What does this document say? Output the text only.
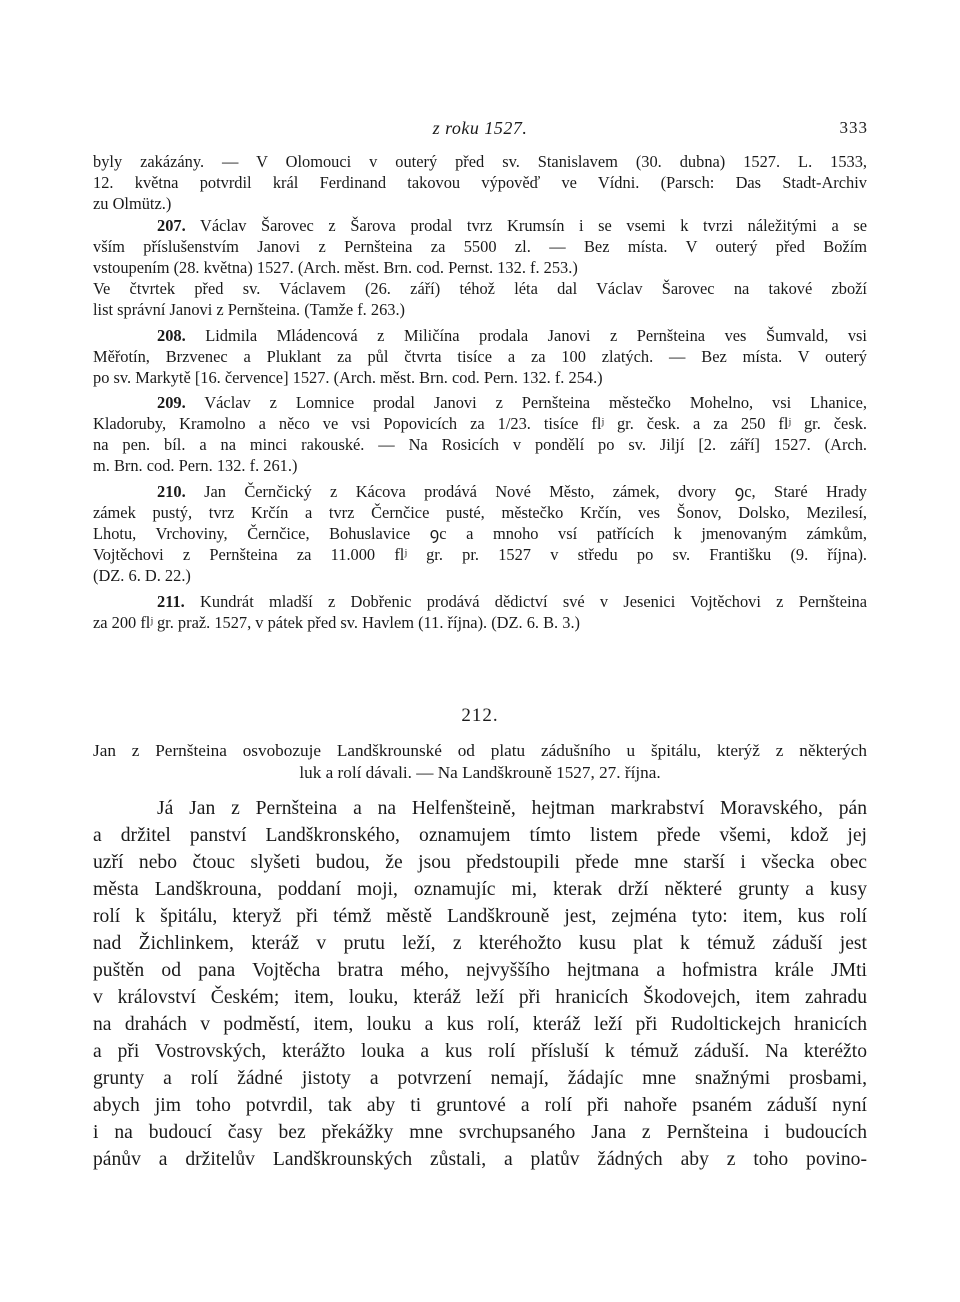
z roku 1527.	333
byly zakázány. — V Olomouci v outerý před sv. Stanislavem (30. dubna) 1527. L. 1533,
12. května potvrdil král Ferdinand takovou výpověď ve Vídni. (Parsch: Das Stadt-Archiv
zu Olmütz.)
207. Václav Šarovec z Šarova prodal tvrz Krumsín i se vsemi k tvrzi náležitými a se
vším příslušenstvím Janovi z Pernšteina za 5500 zl. — Bez místa. V outerý před Božím
vstoupením (28. května) 1527. (Arch. měst. Brn. cod. Pernst. 132. f. 253.)
Ve čtvrtek před sv. Václavem (26. září) téhož léta dal Václav Šarovec na takové zboží
list správní Janovi z Pernšteina. (Tamže f. 263.)
208. Lidmila Mládencová z Miličína prodala Janovi z Pernšteina ves Šumvald, vsi
Měřotín, Brzvenec a Pluklant za půl čtvrta tisíce a za 100 zlatých. — Bez místa. V outerý
po sv. Markytě [16. července] 1527. (Arch. měst. Brn. cod. Pern. 132. f. 254.)
209. Václav z Lomnice prodal Janovi z Pernšteina městečko Mohelno, vsi Lhanice,
Kladoruby, Kramolno a něco ve vsi Popovicích za 1/23. tisíce flʲ gr. česk. a za 250 flʲ gr. česk.
na pen. bíl. a na minci rakouské. — Na Rosicích v pondělí po sv. Jiljí [2. září] 1527. (Arch.
m. Brn. cod. Pern. 132. f. 261.)
210. Jan Černčický z Kácova prodává Nové Město, zámek, dvory ꝯc, Staré Hrady
zámek pustý, tvrz Krčín a tvrz Černčice pusté, městečko Krčín, ves Šonov, Dolsko, Mezilesí,
Lhotu, Vrchoviny, Černčice, Bohuslavice ꝯc a mnoho vsí patřících k jmenovaným zámkům,
Vojtěchovi z Pernšteina za 11.000 flʲ gr. pr. 1527 v středu po sv. Františku (9. října).
(DZ. 6. D. 22.)
211. Kundrát mladší z Dobřenic prodává dědictví své v Jesenici Vojtěchovi z Pernšteina
za 200 flʲ gr. praž. 1527, v pátek před sv. Havlem (11. října). (DZ. 6. B. 3.)
212.
Jan z Pernšteina osvobozuje Landškrounské od platu zádušního u špitálu, kterýž z některých
luk a rolí dávali. — Na Landškrouně 1527, 27. října.
Já Jan z Pernšteina a na Helfenšteině, hejtman markrabství Moravského, pán
a držitel panství Landškronského, oznamujem tímto listem přede všemi, kdož jej
uzří nebo čtouc slyšeti budou, že jsou předstoupili přede mne starší i všecka obec
města Landškrouna, poddaní moji, oznamujíc mi, kterak drží některé grunty a kusy
rolí k špitálu, kteryž při témž městě Landškrouně jest, zejména tyto: item, kus rolí
nad Žichlinkem, kteráž v prutu leží, z kteréhožto kusu plat k témuž záduší jest
puštěn od pana Vojtěcha bratra mého, nejvyššího hejtmana a hofmistra krále JMti
v království Českém; item, louku, kteráž leží při hranicích Škodovejch, item zahradu
na drahách v podměstí, item, louku a kus rolí, kteráž leží při Rudoltickejch hranicích
a při Vostrovských, kterážto louka a kus rolí přísluší k témuž záduší. Na kteréžto
grunty a rolí žádné jistoty a potvrzení nemají, žádajíc mne snažnými prosbami,
abych jim toho potvrdil, tak aby ti gruntové a rolí při nahoře psaném záduší nyní
i na budoucí časy bez překážky mne svrchupsaného Jana z Pernšteina i budoucích
pánův a držitelův Landškrounských zůstali, a platův žádných aby z toho povino-
